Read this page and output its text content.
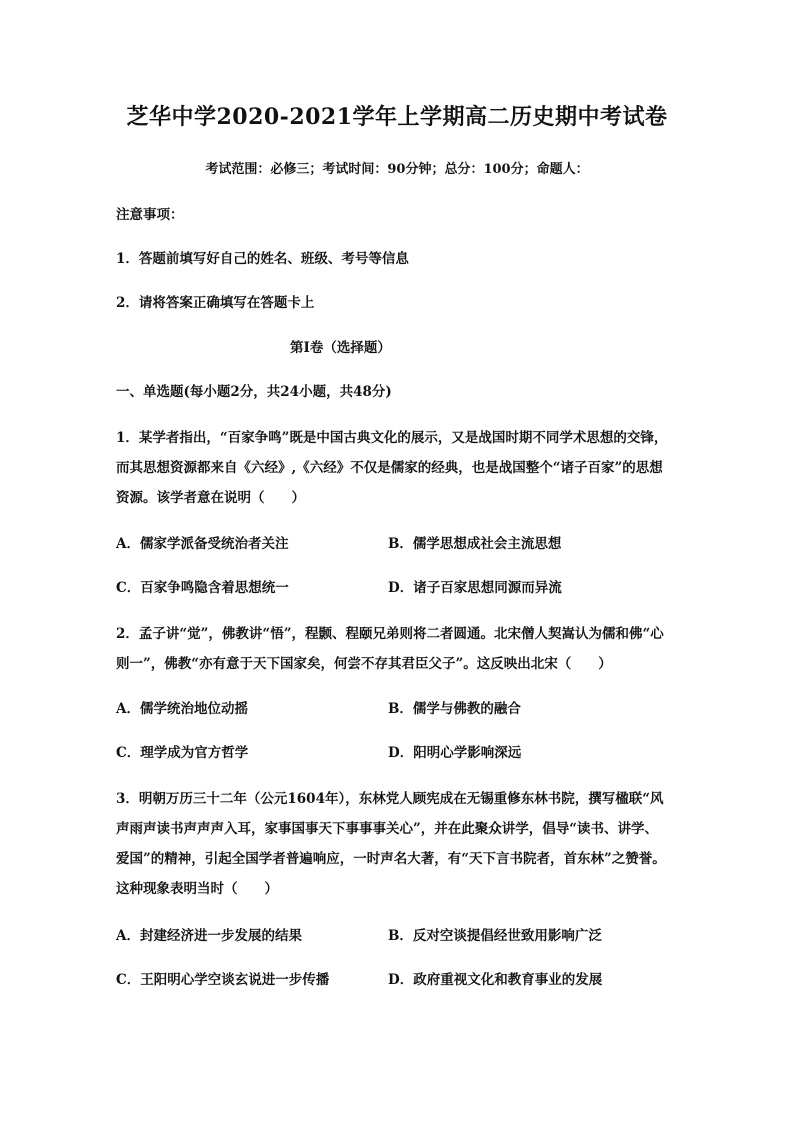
芝华中学2020-2021学年上学期高二历史期中考试卷
考试范围：必修三；考试时间：90分钟；总分：100分；命题人：
注意事项：
1．答题前填写好自己的姓名、班级、考号等信息
2．请将答案正确填写在答题卡上
第I卷（选择题）
一、单选题(每小题2分，共24小题，共48分)
1．某学者指出，“百家争鸣”既是中国古典文化的展示，又是战国时期不同学术思想的交锋，
而其思想资源都来自《六经》,《六经》不仅是儒家的经典，也是战国整个“诸子百家”的思想
资源。该学者意在说明（　　）
A．儒家学派备受统治者关注	B．儒学思想成社会主流思想
C．百家争鸣隐含着思想统一	D．诸子百家思想同源而异流
2．孟子讲“觉”，佛教讲“悟”，程颢、程颐兄弟则将二者圆通。北宋僧人契嵩认为儒和佛“心
则一”，佛教“亦有意于天下国家矣，何尝不存其君臣父子”。这反映出北宋（　　）
A．儒学统治地位动摇	B．儒学与佛教的融合
C．理学成为官方哲学	D．阳明心学影响深远
3．明朝万历三十二年（公元1604年），东林党人顾宪成在无锡重修东林书院，撰写楹联“风
声雨声读书声声声入耳，家事国事天下事事事关心”，并在此聚众讲学，倡导“读书、讲学、
爱国”的精神，引起全国学者普遍响应，一时声名大著，有“天下言书院者，首东林”之赞誉。
这种现象表明当时（　　）
A．封建经济进一步发展的结果	B．反对空谈提倡经世致用影响广泛
C．王阳明心学空谈玄说进一步传播	D．政府重视文化和教育事业的发展
